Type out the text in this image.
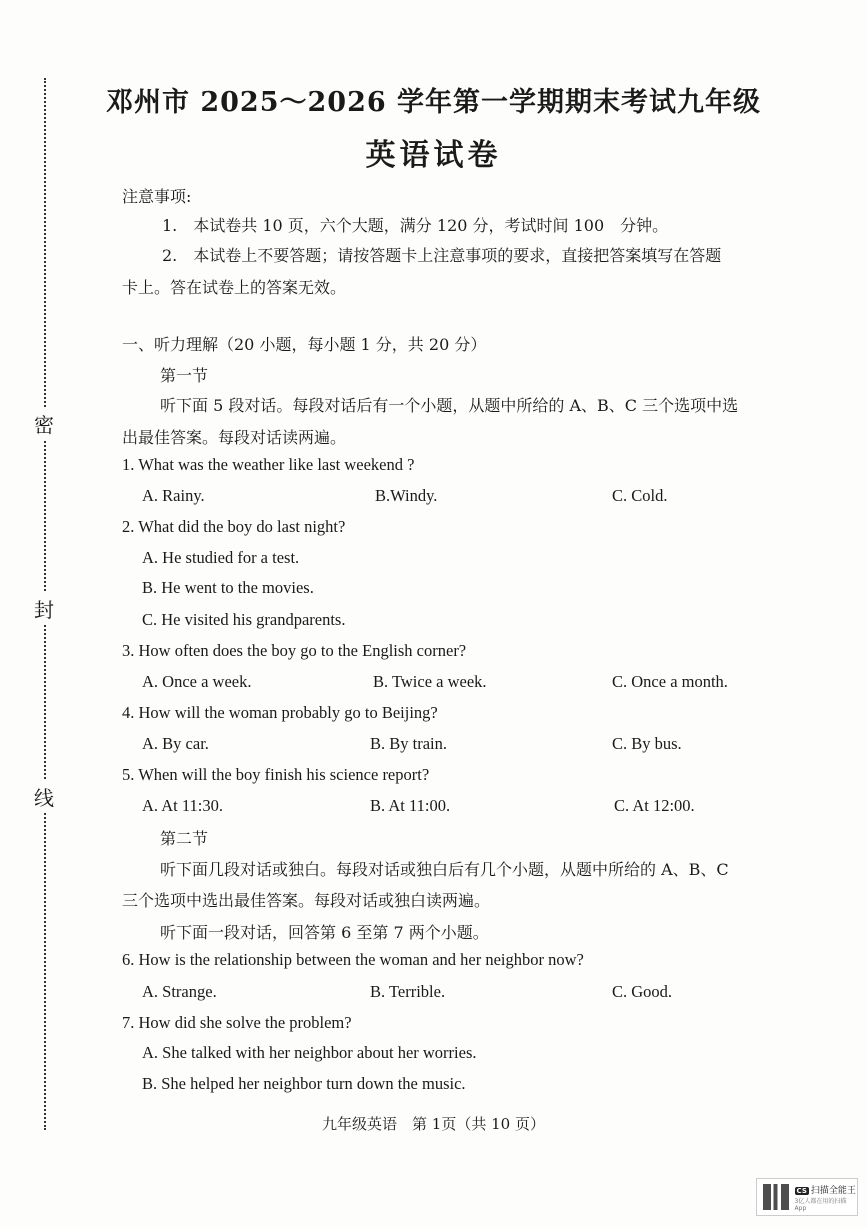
密
封
线
邓州市 2025～2026 学年第一学期期末考试九年级
英语试卷
注意事项:
1.　本试卷共 10 页，六个大题，满分 120 分，考试时间 100　分钟。
2.　本试卷上不要答题；请按答题卡上注意事项的要求，直接把答案填写在答题
卡上。答在试卷上的答案无效。
一、听力理解（20 小题，每小题 1 分，共 20 分）
第一节
听下面 5 段对话。每段对话后有一个小题，从题中所给的 A、B、C 三个选项中选
出最佳答案。每段对话读两遍。
1. What was the weather like last weekend ?
A. Rainy.	B.Windy.	C. Cold.
2. What did the boy do last night?
A. He studied for a test.
B. He went to the movies.
C. He visited his grandparents.
3. How often does the boy go to the English corner?
A. Once a week.	B. Twice a week.	C. Once a month.
4. How will the woman probably go to Beijing?
A. By car.	B. By train.	C. By bus.
5. When will the boy finish his science report?
A. At 11:30.	B. At 11:00.	C. At 12:00.
第二节
听下面几段对话或独白。每段对话或独白后有几个小题，从题中所给的 A、B、C
三个选项中选出最佳答案。每段对话或独白读两遍。
听下面一段对话，回答第 6 至第 7 两个小题。
6. How is the relationship between the woman and her neighbor now?
A. Strange.	B. Terrible.	C. Good.
7. How did she solve the problem?
A. She talked with her neighbor about her worries.
B. She helped her neighbor turn down the music.
九年级英语　第 1页（共 10 页）
CS 扫描全能王
3亿人都在用的扫描App
